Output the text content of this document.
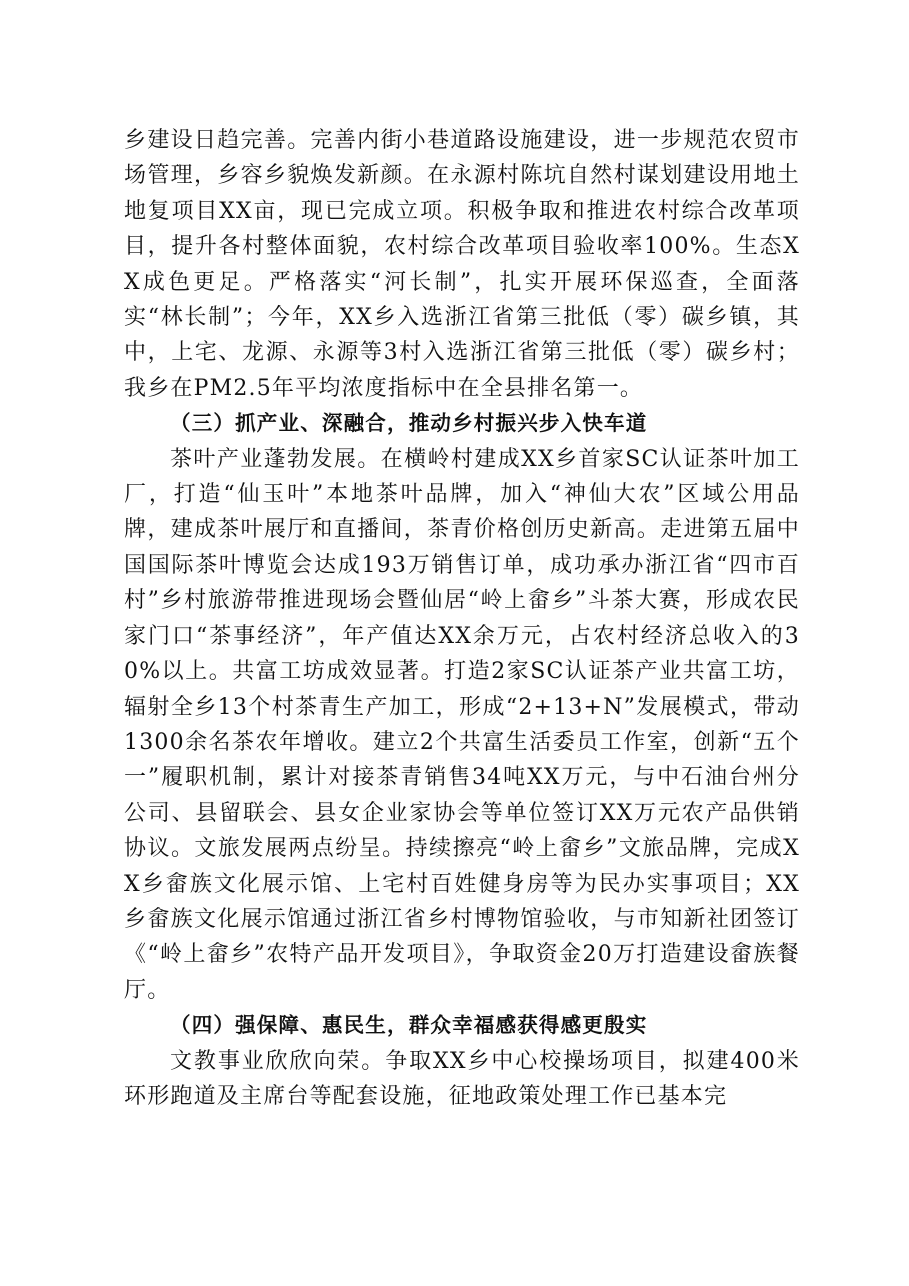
乡建设日趋完善。完善内街小巷道路设施建设，进一步规范农贸市场管理，乡容乡貌焕发新颜。在永源村陈坑自然村谋划建设用地土地复项目XX亩，现已完成立项。积极争取和推进农村综合改革项目，提升各村整体面貌，农村综合改革项目验收率100%。生态XX成色更足。严格落实“河长制”，扎实开展环保巡查，全面落实“林长制”；今年，XX乡入选浙江省第三批低（零）碳乡镇，其中，上宅、龙源、永源等3村入选浙江省第三批低（零）碳乡村；我乡在PM2.5年平均浓度指标中在全县排名第一。

（三）抓产业、深融合，推动乡村振兴步入快车道

茶叶产业蓬勃发展。在横岭村建成XX乡首家SC认证茶叶加工厂，打造“仙玉叶”本地茶叶品牌，加入“神仙大农”区域公用品牌，建成茶叶展厅和直播间，茶青价格创历史新高。走进第五届中国国际茶叶博览会达成193万销售订单，成功承办浙江省“四市百村”乡村旅游带推进现场会暨仙居“岭上畲乡”斗茶大赛，形成农民家门口“茶事经济”，年产值达XX余万元，占农村经济总收入的30%以上。共富工坊成效显著。打造2家SC认证茶产业共富工坊，辐射全乡13个村茶青生产加工，形成“2+13+N”发展模式，带动1300余名茶农年增收。建立2个共富生活委员工作室，创新“五个一”履职机制，累计对接茶青销售34吨XX万元，与中石油台州分公司、县留联会、县女企业家协会等单位签订XX万元农产品供销协议。文旅发展两点纷呈。持续擦亮“岭上畲乡”文旅品牌，完成XX乡畲族文化展示馆、上宅村百姓健身房等为民办实事项目；XX乡畲族文化展示馆通过浙江省乡村博物馆验收，与市知新社团签订《“岭上畲乡”农特产品开发项目》，争取资金20万打造建设畲族餐厅。

（四）强保障、惠民生，群众幸福感获得感更殷实

文教事业欣欣向荣。争取XX乡中心校操场项目，拟建400米环形跑道及主席台等配套设施，征地政策处理工作已基本完
